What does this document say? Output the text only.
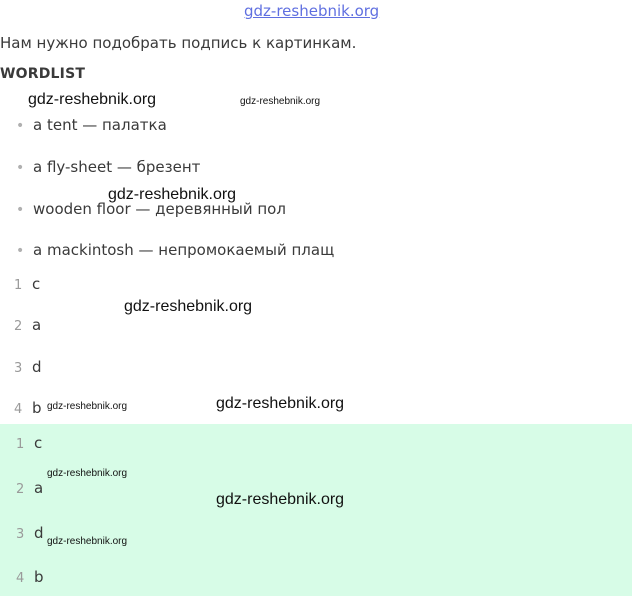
gdz-reshebnik.org
Нам нужно подобрать подпись к картинкам.
WORDLIST
• a tent — палатка
• a fly-sheet — брезент
• wooden floor — деревянный пол
• a mackintosh — непромокаемый плащ
1 c
2 a
3 d
4 b
1 c
2 a
3 d
4 b
gdz-reshebnik.org	gdz-reshebnik.org
gdz-reshebnik.org
gdz-reshebnik.org
gdz-reshebnik.org	gdz-reshebnik.org
gdz-reshebnik.org
gdz-reshebnik.org
gdz-reshebnik.org
